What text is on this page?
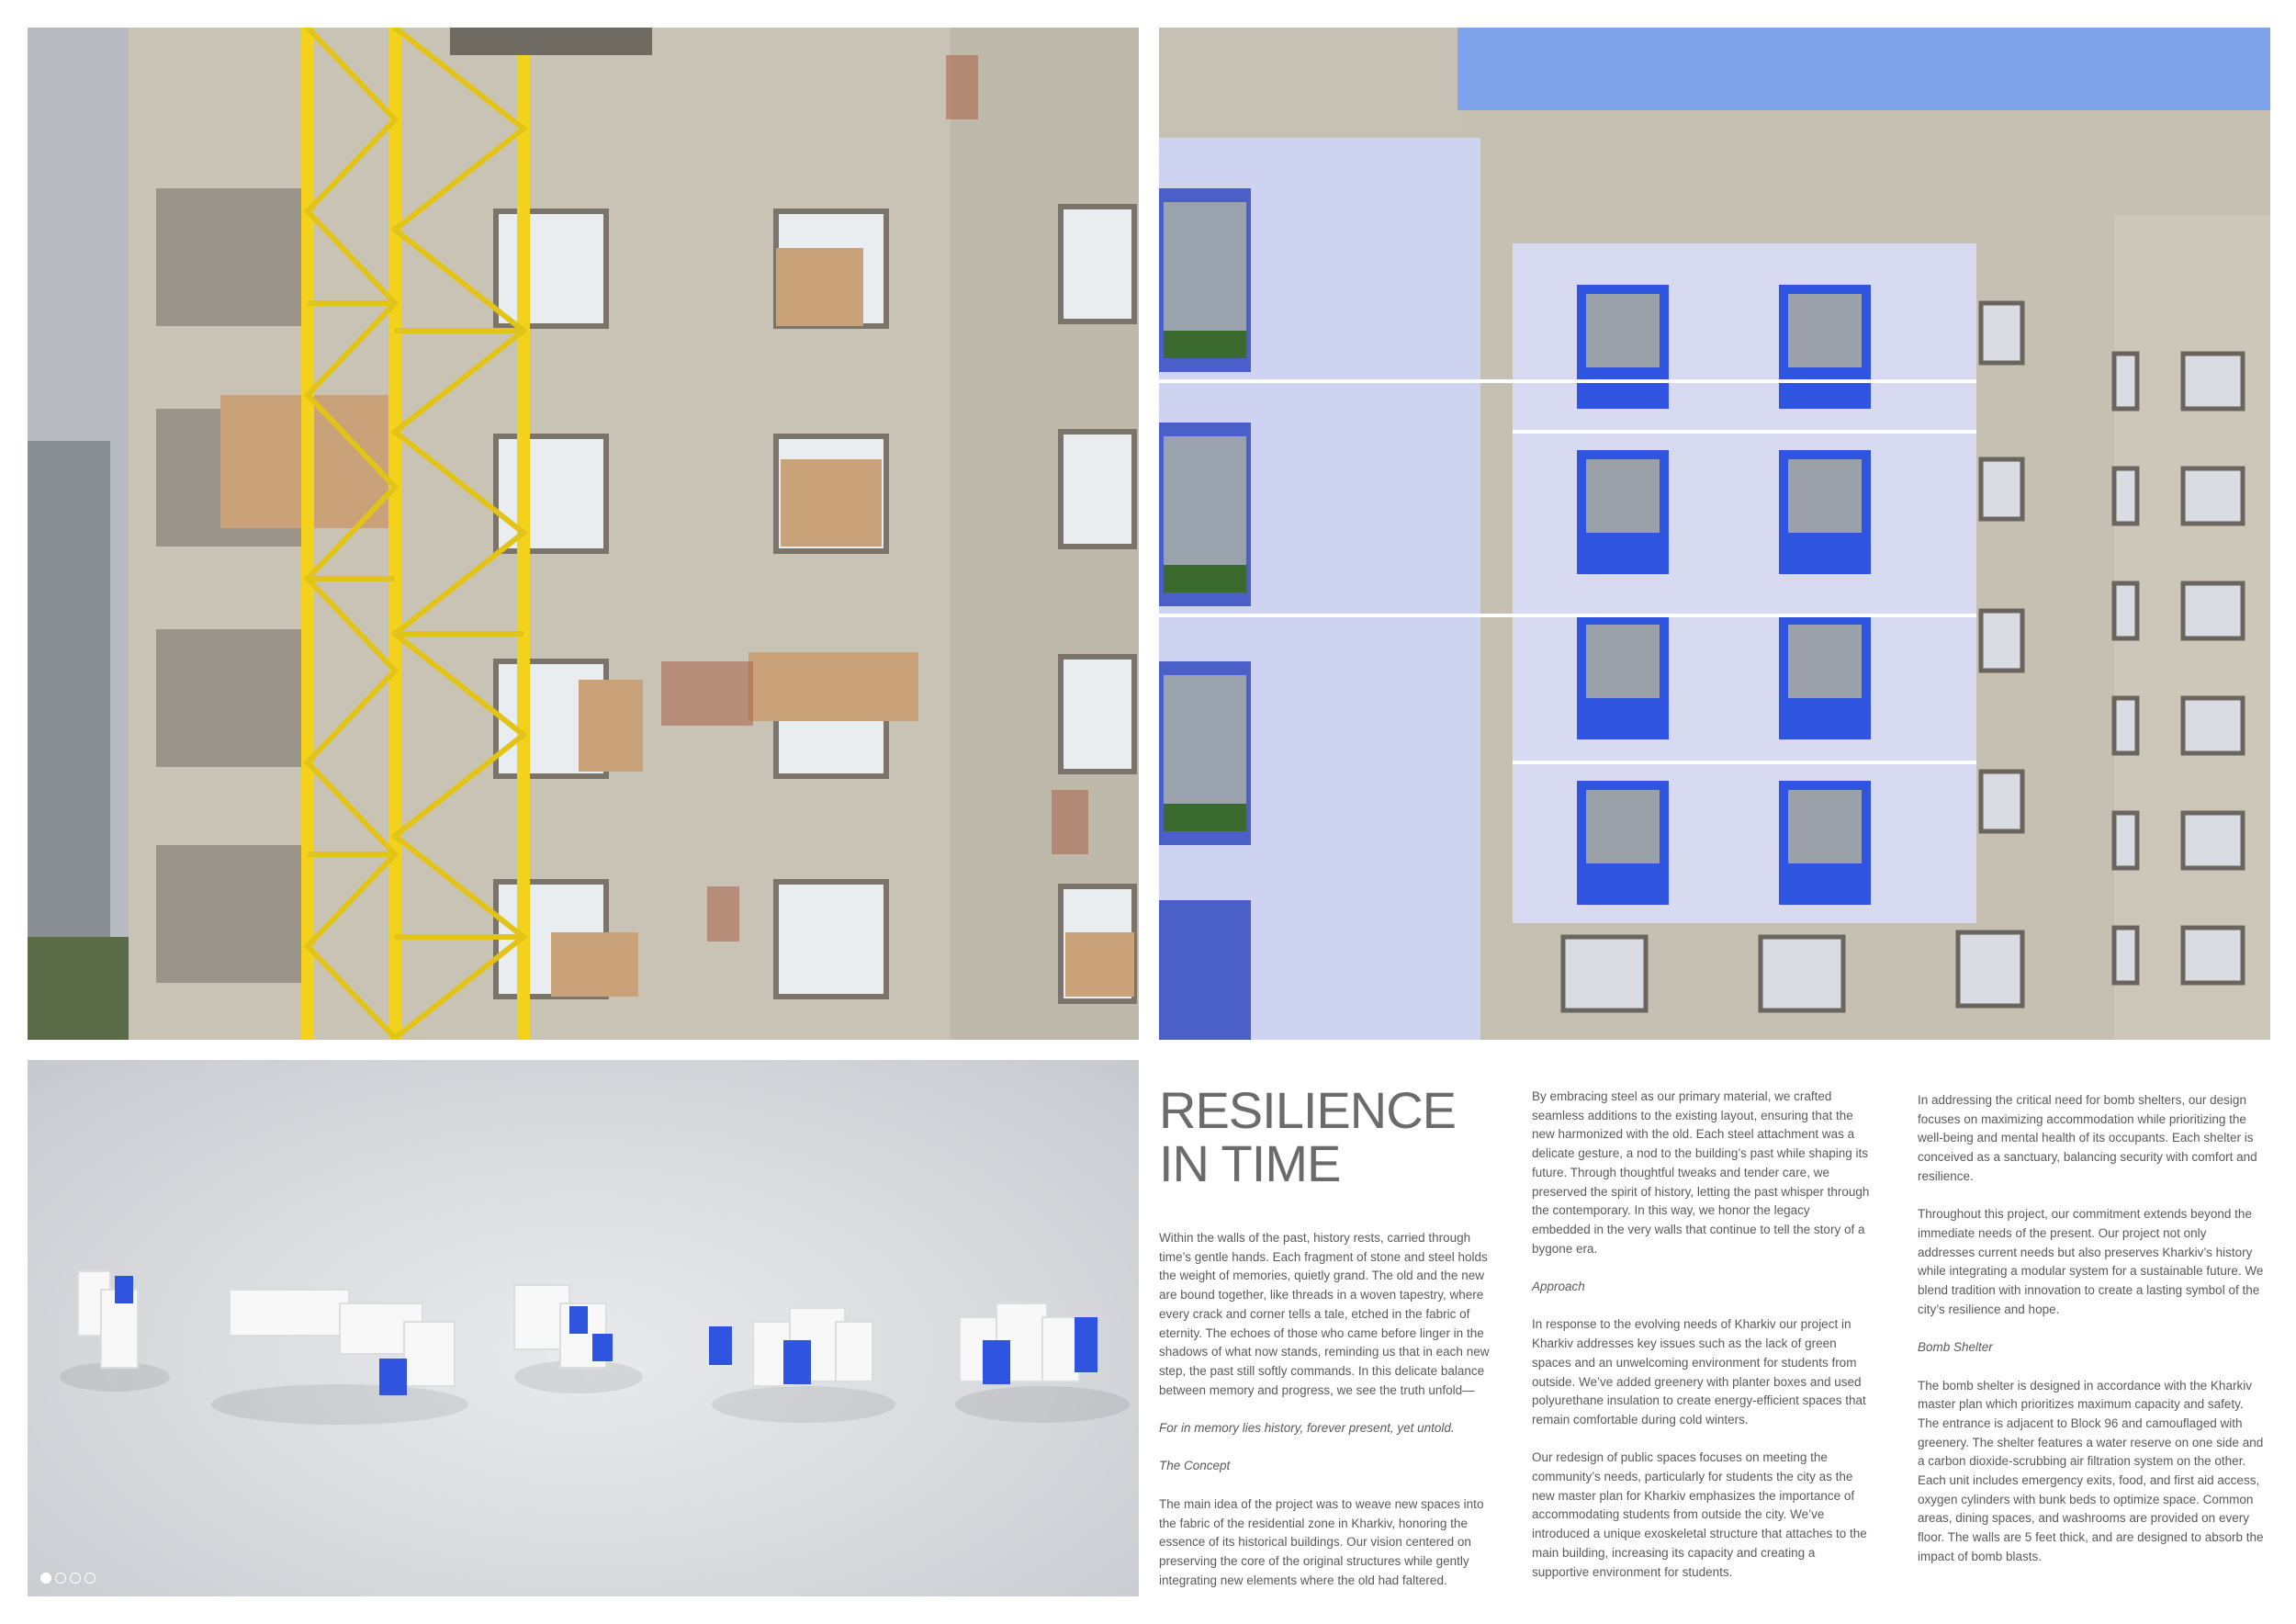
RESILIENCE
IN TIME

Within the walls of the past, history rests, carried through time’s gentle hands. Each fragment of stone and steel holds the weight of memories, quietly grand. The old and the new are bound together, like threads in a woven tapestry, where every crack and corner tells a tale, etched in the fabric of eternity. The echoes of those who came before linger in the shadows of what now stands, reminding us that in each new step, the past still softly commands. In this delicate balance between memory and progress, we see the truth unfold—

For in memory lies history, forever present, yet untold.

The Concept

The main idea of the project was to weave new spaces into the fabric of the residential zone in Kharkiv, honoring the essence of its historical buildings. Our vision centered on preserving the core of the original structures while gently integrating new elements where the old had faltered.

By embracing steel as our primary material, we crafted seamless additions to the existing layout, ensuring that the new harmonized with the old. Each steel attachment was a delicate gesture, a nod to the building’s past while shaping its future. Through thoughtful tweaks and tender care, we preserved the spirit of history, letting the past whisper through the contemporary. In this way, we honor the legacy embedded in the very walls that continue to tell the story of a bygone era.

Approach

In response to the evolving needs of Kharkiv our project in Kharkiv addresses key issues such as the lack of green spaces and an unwelcoming environment for students from outside. We’ve added greenery with planter boxes and used polyurethane insulation to create energy-efficient spaces that remain comfortable during cold winters.

Our redesign of public spaces focuses on meeting the community’s needs, particularly for students the city as the new master plan for Kharkiv emphasizes the importance of accommodating students from outside the city. We’ve introduced a unique exoskeletal structure that attaches to the main building, increasing its capacity and creating a supportive environment for students.

In addressing the critical need for bomb shelters, our design focuses on maximizing accommodation while prioritizing the well-being and mental health of its occupants. Each shelter is conceived as a sanctuary, balancing security with comfort and resilience.

Throughout this project, our commitment extends beyond the immediate needs of the present. Our project not only addresses current needs but also preserves Kharkiv’s history while integrating a modular system for a sustainable future. We blend tradition with innovation to create a lasting symbol of the city’s resilience and hope.

Bomb Shelter

The bomb shelter is designed in accordance with the Kharkiv master plan which prioritizes maximum capacity and safety. The entrance is adjacent to Block 96 and camouflaged with greenery. The shelter features a water reserve on one side and a carbon dioxide-scrubbing air filtration system on the other. Each unit includes emergency exits, food, and first aid access, oxygen cylinders with bunk beds to optimize space. Common areas, dining spaces, and washrooms are provided on every floor. The walls are 5 feet thick, and are designed to absorb the impact of bomb blasts.
